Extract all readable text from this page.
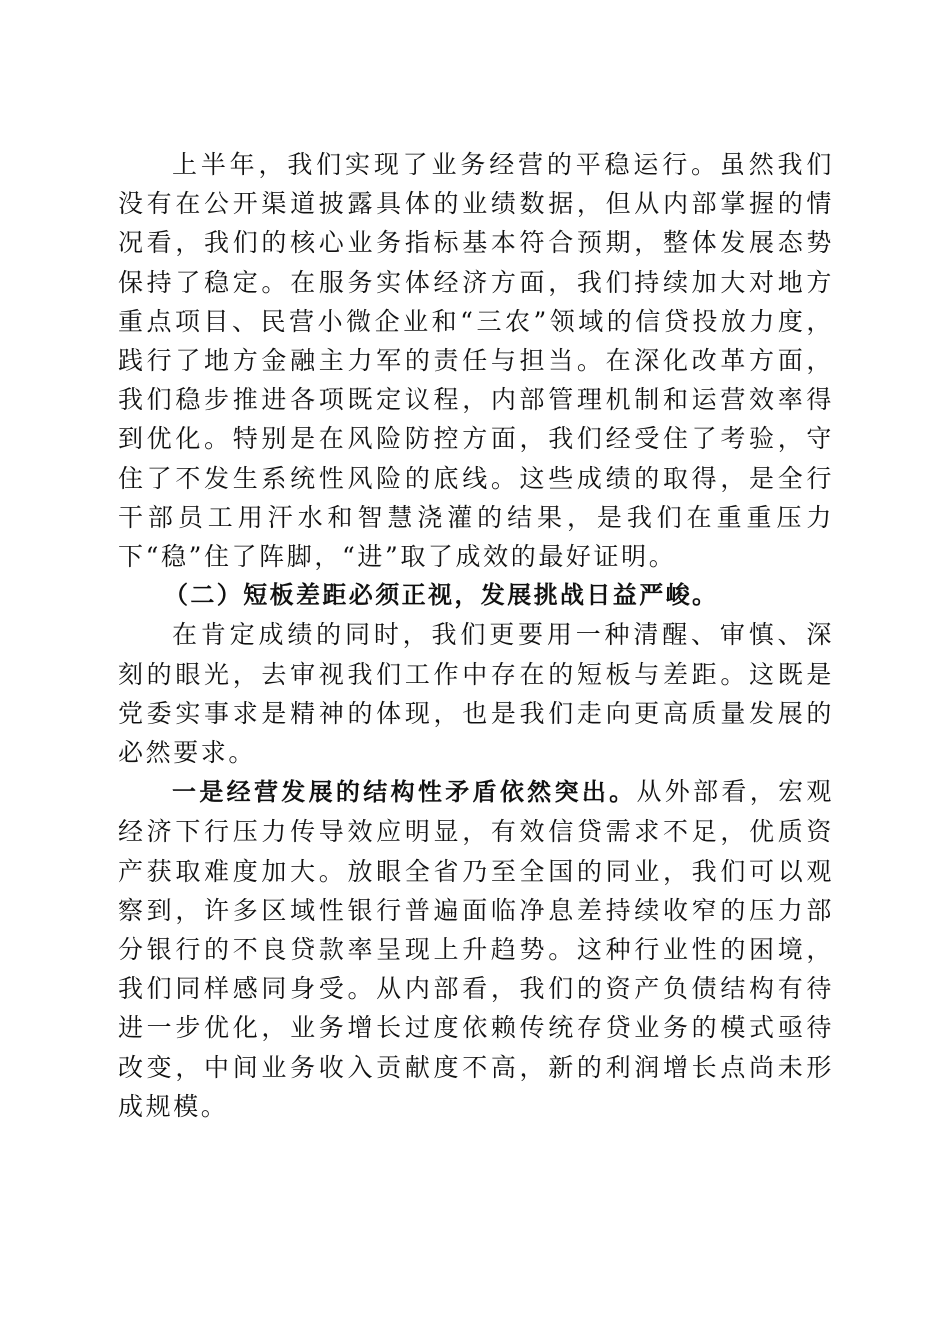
上半年，我们实现了业务经营的平稳运行。虽然我们没有在公开渠道披露具体的业绩数据，但从内部掌握的情况看，我们的核心业务指标基本符合预期，整体发展态势保持了稳定。在服务实体经济方面，我们持续加大对地方重点项目、民营小微企业和“三农”领域的信贷投放力度，践行了地方金融主力军的责任与担当。在深化改革方面，我们稳步推进各项既定议程，内部管理机制和运营效率得到优化。特别是在风险防控方面，我们经受住了考验，守住了不发生系统性风险的底线。这些成绩的取得，是全行干部员工用汗水和智慧浇灌的结果，是我们在重重压力下“稳”住了阵脚，“进”取了成效的最好证明。

（二）短板差距必须正视，发展挑战日益严峻。

在肯定成绩的同时，我们更要用一种清醒、审慎、深刻的眼光，去审视我们工作中存在的短板与差距。这既是党委实事求是精神的体现，也是我们走向更高质量发展的必然要求。

一是经营发展的结构性矛盾依然突出。从外部看，宏观经济下行压力传导效应明显，有效信贷需求不足，优质资产获取难度加大。放眼全省乃至全国的同业，我们可以观察到，许多区域性银行普遍面临净息差持续收窄的压力部分银行的不良贷款率呈现上升趋势。这种行业性的困境，我们同样感同身受。从内部看，我们的资产负债结构有待进一步优化，业务增长过度依赖传统存贷业务的模式亟待改变，中间业务收入贡献度不高，新的利润增长点尚未形成规模。
